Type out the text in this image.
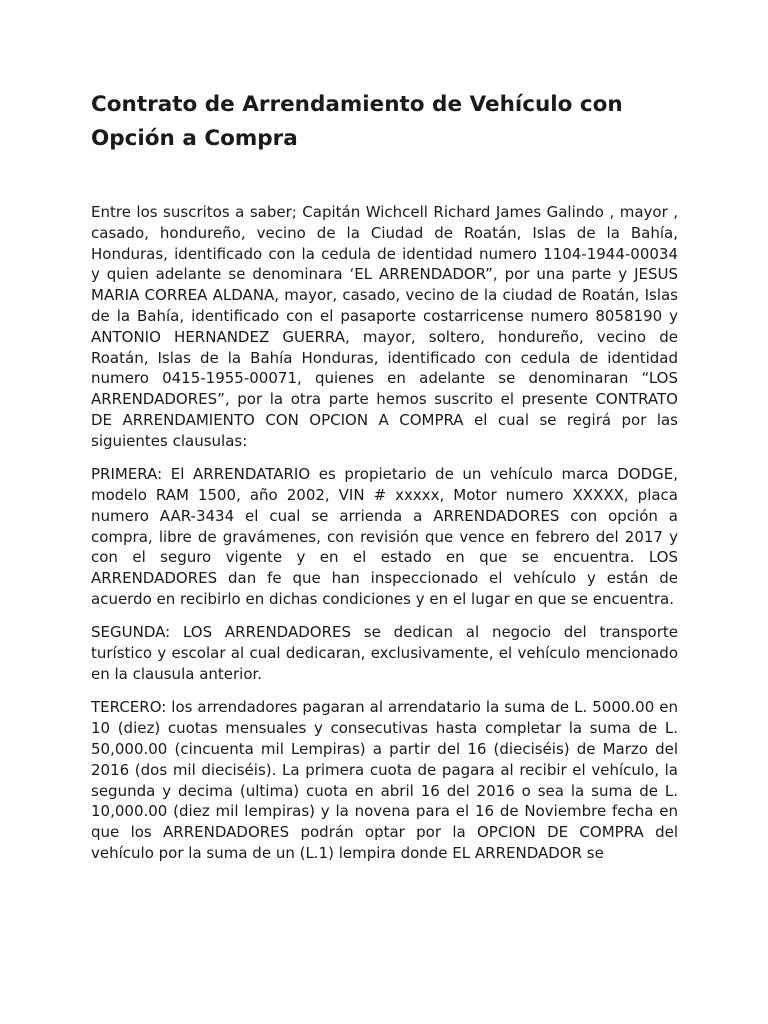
Contrato de Arrendamiento de Vehículo con Opción a Compra

Entre los suscritos a saber; Capitán Wichcell Richard James Galindo , mayor , casado, hondureño, vecino de la Ciudad de Roatán, Islas de la Bahía, Honduras, identificado con la cedula de identidad numero 1104-1944-00034 y quien adelante se denominara ‘EL ARRENDADOR”, por una parte y JESUS MARIA CORREA ALDANA, mayor, casado, vecino de la ciudad de Roatán, Islas de la Bahía, identificado con el pasaporte costarricense numero 8058190 y ANTONIO HERNANDEZ GUERRA, mayor, soltero, hondureño, vecino de Roatán, Islas de la Bahía Honduras, identificado con cedula de identidad numero 0415-1955-00071, quienes en adelante se denominaran “LOS ARRENDADORES”, por la otra parte hemos suscrito el presente CONTRATO DE ARRENDAMIENTO CON OPCION A COMPRA el cual se regirá por las siguientes clausulas:

PRIMERA: El ARRENDATARIO es propietario de un vehículo marca DODGE, modelo RAM 1500, año 2002, VIN # xxxxx, Motor numero XXXXX, placa numero AAR-3434 el cual se arrienda a ARRENDADORES con opción a compra, libre de gravámenes, con revisión que vence en febrero del 2017 y con el seguro vigente y en el estado en que se encuentra. LOS ARRENDADORES dan fe que han inspeccionado el vehículo y están de acuerdo en recibirlo en dichas condiciones y en el lugar en que se encuentra.

SEGUNDA: LOS ARRENDADORES se dedican al negocio del transporte turístico y escolar al cual dedicaran, exclusivamente, el vehículo mencionado en la clausula anterior.

TERCERO: los arrendadores pagaran al arrendatario la suma de L. 5000.00 en 10 (diez) cuotas mensuales y consecutivas hasta completar la suma de L. 50,000.00 (cincuenta mil Lempiras) a partir del 16 (dieciséis) de Marzo del 2016 (dos mil dieciséis). La primera cuota de pagara al recibir el vehículo, la segunda y decima (ultima) cuota en abril 16 del 2016 o sea la suma de L. 10,000.00 (diez mil lempiras) y la novena para el 16 de Noviembre fecha en que los ARRENDADORES podrán optar por la OPCION DE COMPRA del vehículo por la suma de un (L.1) lempira donde EL ARRENDADOR se
